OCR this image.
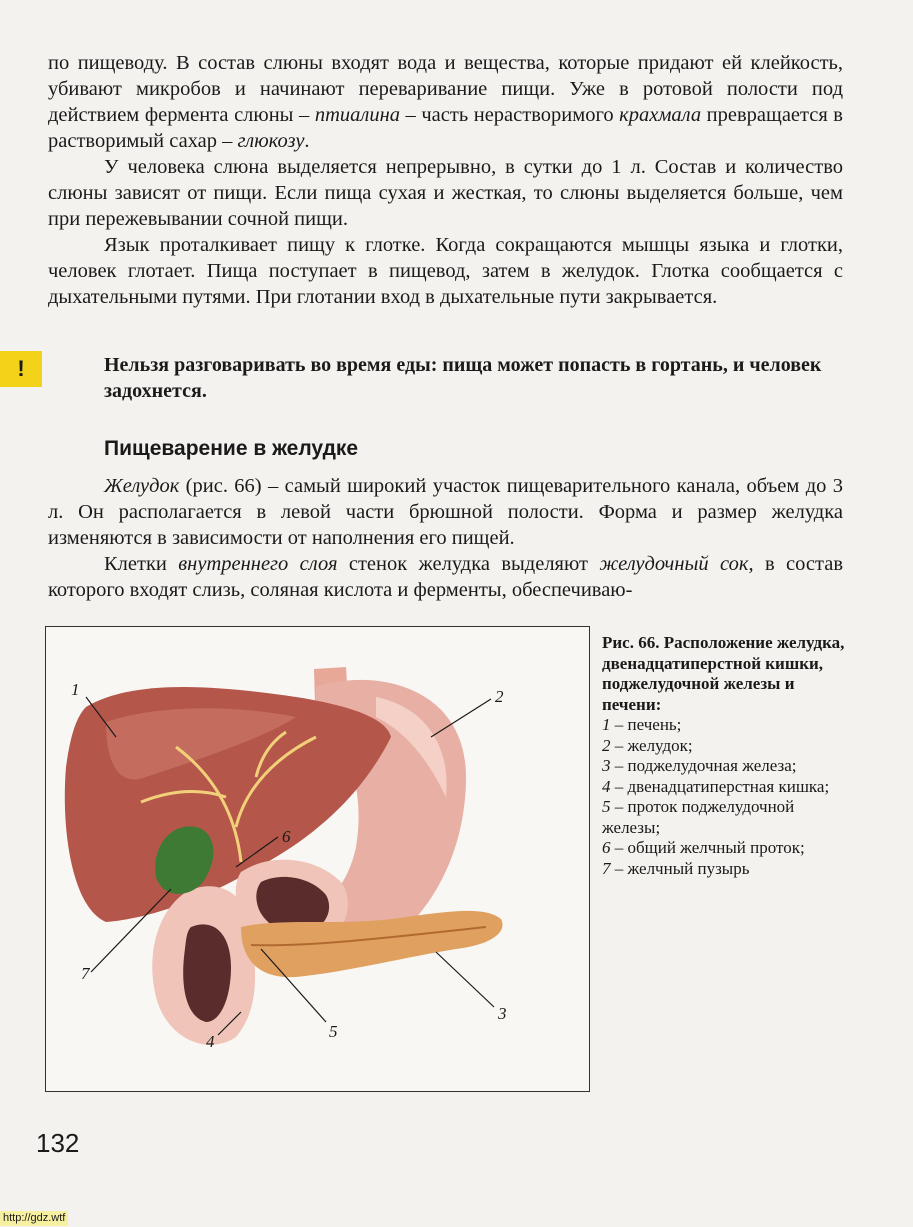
по пищеводу. В состав слюны входят вода и вещества, которые придают ей клейкость, убивают микробов и начинают переваривание пищи. Уже в ротовой полости под действием фермента слюны – птиалина – часть нерастворимого крахмала превращается в растворимый сахар – глюкозу.

У человека слюна выделяется непрерывно, в сутки до 1 л. Состав и количество слюны зависят от пищи. Если пища сухая и жесткая, то слюны выделяется больше, чем при пережевывании сочной пищи.

Язык проталкивает пищу к глотке. Когда сокращаются мышцы языка и глотки, человек глотает. Пища поступает в пищевод, затем в желудок. Глотка сообщается с дыхательными путями. При глотании вход в дыхательные пути закрывается.

!	Нельзя разговаривать во время еды: пища может попасть в гортань, и человек задохнется.
Пищеварение в желудке

Желудок (рис. 66) – самый широкий участок пищеварительного канала, объем до 3 л. Он располагается в левой части брюшной полости. Форма и размер желудка изменяются в зависимости от наполнения его пищей.

Клетки внутреннего слоя стенок желудка выделяют желудочный сок, в состав которого входят слизь, соляная кислота и ферменты, обеспечиваю-

1	2
3
4
5
6
7

Рис. 66. Расположение желудка, двенадцатиперстной кишки, поджелудочной железы и печени:

1 – печень;
2 – желудок;
3 – поджелудочная железа;
4 – двенадцатиперстная кишка;
5 – проток поджелудочной железы;
6 – общий желчный проток;
7 – желчный пузырь
132
http://gdz.wtf
